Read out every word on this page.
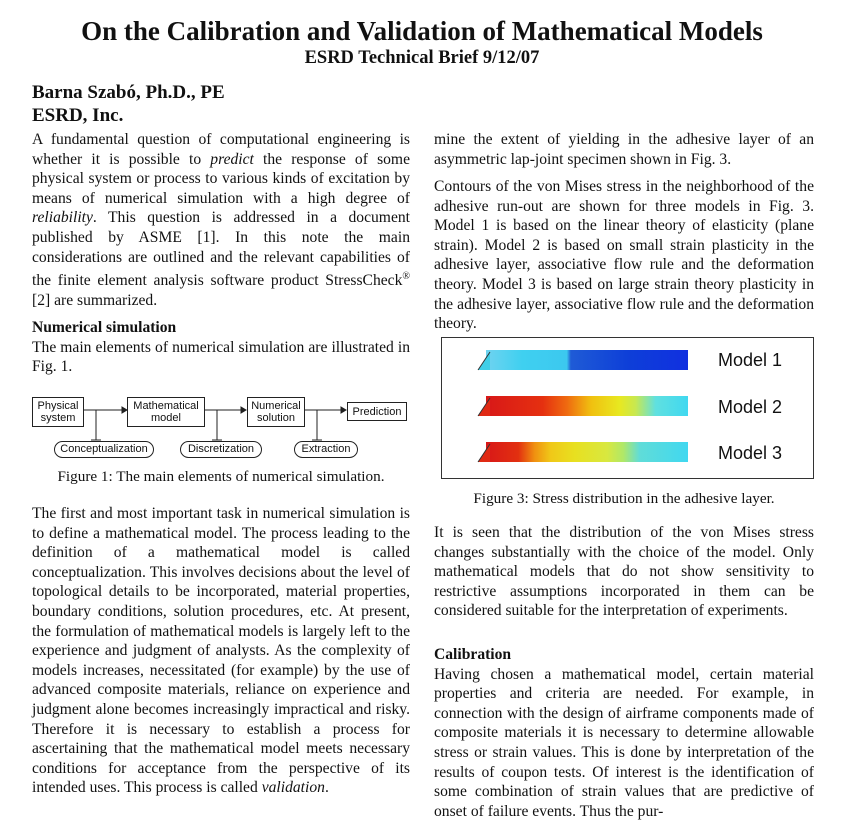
On the Calibration and Validation of Mathematical Models
ESRD Technical Brief 9/12/07
Barna Szabó, Ph.D., PE
ESRD, Inc.

A fundamental question of computational engineering is whether it is possible to predict the response of some physical system or process to various kinds of excitation by means of numerical simulation with a high degree of reliability. This question is addressed in a document published by ASME [1]. In this note the main considerations are outlined and the relevant capabilities of the finite element analysis software product StressCheck® [2] are summarized.

Numerical simulation

The main elements of numerical simulation are illustrated in Fig. 1.

Physical
system
Mathematical
model
Numerical
solution
Prediction
Conceptualization	Discretization	Extraction
Figure 1: The main elements of numerical simulation.

The first and most important task in numerical simulation is to define a mathematical model. The process leading to the definition of a mathematical model is called conceptualization. This involves decisions about the level of topological details to be incorporated, material properties, boundary conditions, solution procedures, etc. At present, the formulation of mathematical models is largely left to the experience and judgment of analysts. As the complexity of models increases, necessitated (for example) by the use of advanced composite materials, reliance on experience and judgment alone becomes increasingly impractical and risky. Therefore it is necessary to establish a process for ascertaining that the mathematical model meets necessary conditions for acceptance from the perspective of its intended uses. This process is called validation.

mine the extent of yielding in the adhesive layer of an asymmetric lap-joint specimen shown in Fig. 3.

Contours of the von Mises stress in the neighborhood of the adhesive run-out are shown for three models in Fig. 3. Model 1 is based on the linear theory of elasticity (plane strain). Model 2 is based on small strain plasticity in the adhesive layer, associative flow rule and the deformation theory. Model 3 is based on large strain theory plasticity in the adhesive layer, associative flow rule and the deformation theory.

Model 1
Model 2
Model 3
Figure 3: Stress distribution in the adhesive layer.

It is seen that the distribution of the von Mises stress changes substantially with the choice of the model. Only mathematical models that do not show sensitivity to restrictive assumptions incorporated in them can be considered suitable for the interpretation of experiments.

Calibration

Having chosen a mathematical model, certain material properties and criteria are needed. For example, in connection with the design of airframe components made of composite materials it is necessary to determine allowable stress or strain values. This is done by interpretation of the results of coupon tests. Of interest is the identification of some combination of strain values that are predictive of onset of failure events. Thus the pur-
